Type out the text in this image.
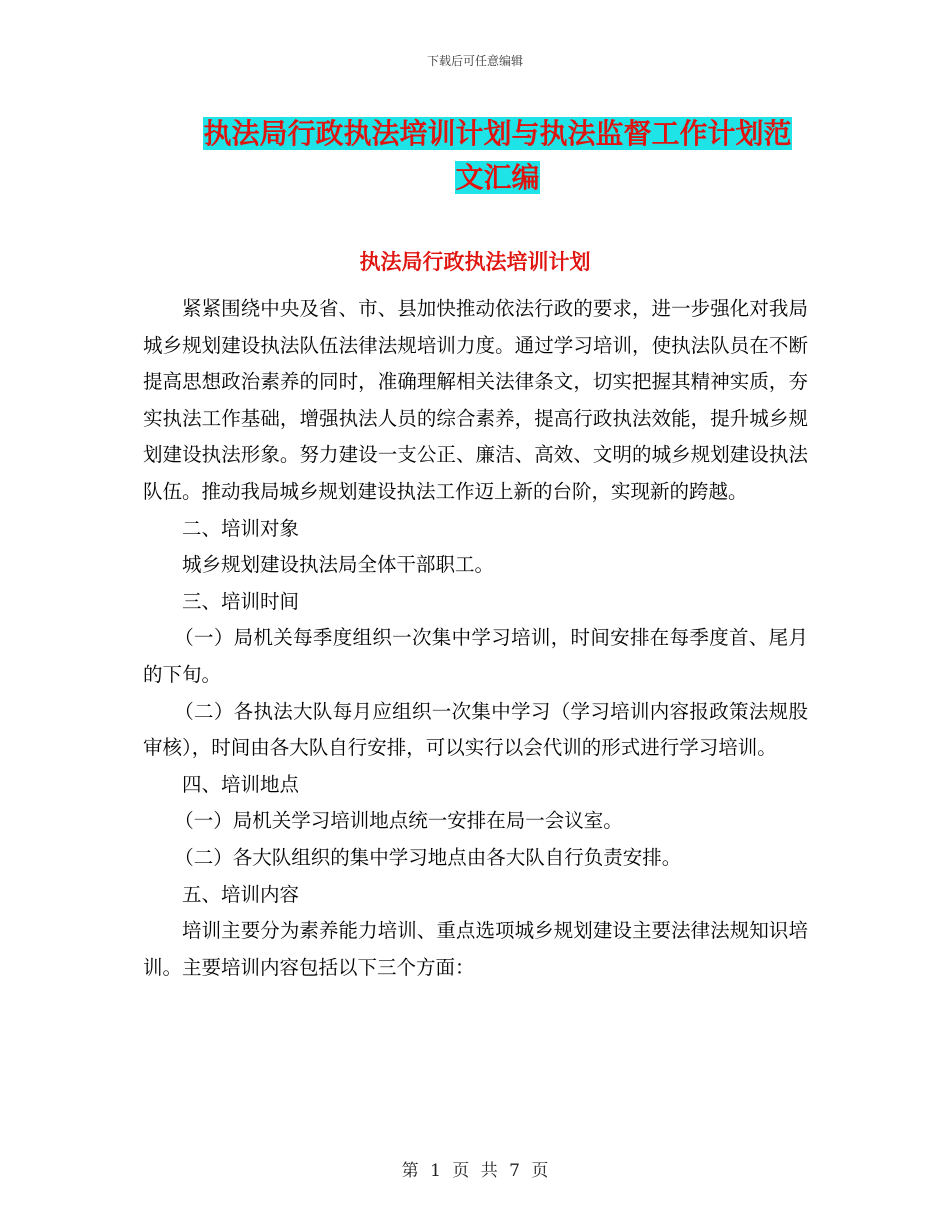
下载后可任意编辑
执法局行政执法培训计划与执法监督工作计划范文汇编
执法局行政执法培训计划

紧紧围绕中央及省、市、县加快推动依法行政的要求，进一步强化对我局城乡规划建设执法队伍法律法规培训力度。通过学习培训，使执法队员在不断提高思想政治素养的同时，准确理解相关法律条文，切实把握其精神实质，夯实执法工作基础，增强执法人员的综合素养，提高行政执法效能，提升城乡规划建设执法形象。努力建设一支公正、廉洁、高效、文明的城乡规划建设执法队伍。推动我局城乡规划建设执法工作迈上新的台阶，实现新的跨越。

二、培训对象

城乡规划建设执法局全体干部职工。

三、培训时间

（一）局机关每季度组织一次集中学习培训，时间安排在每季度首、尾月的下旬。

（二）各执法大队每月应组织一次集中学习（学习培训内容报政策法规股审核），时间由各大队自行安排，可以实行以会代训的形式进行学习培训。

四、培训地点

（一）局机关学习培训地点统一安排在局一会议室。

（二）各大队组织的集中学习地点由各大队自行负责安排。

五、培训内容

培训主要分为素养能力培训、重点选项城乡规划建设主要法律法规知识培训。主要培训内容包括以下三个方面：

第 1 页 共 7 页
